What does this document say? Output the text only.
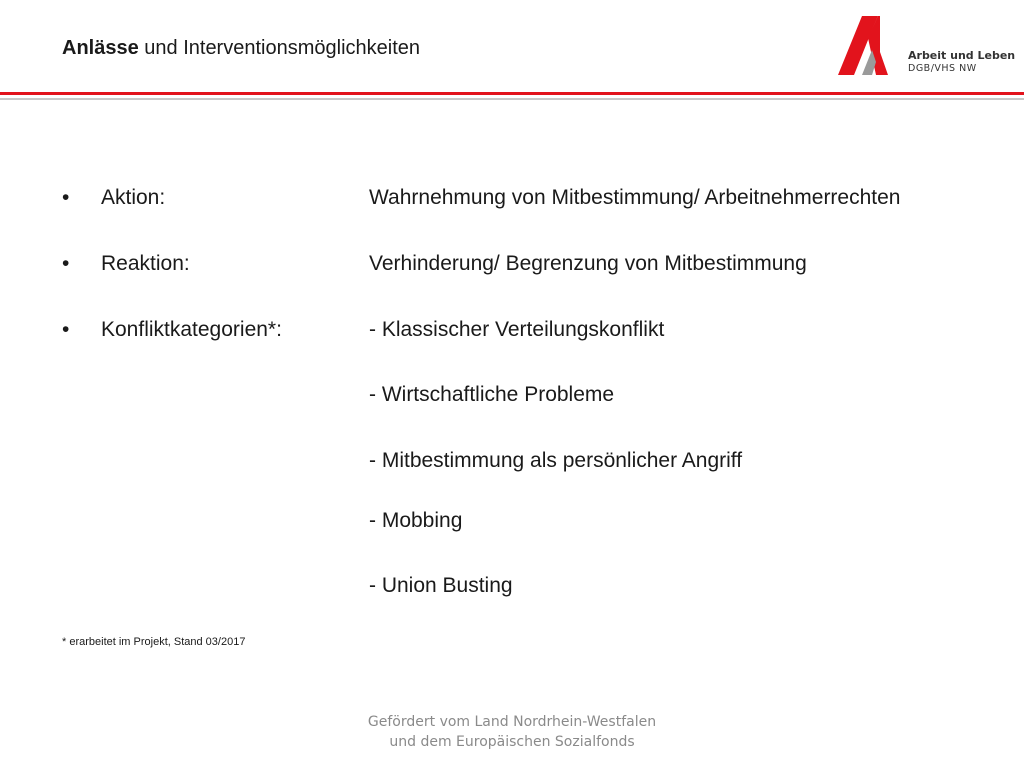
Anlässe und Interventionsmöglichkeiten	Arbeit und Leben
DGB/VHS NW
• Aktion:	Wahrnehmung von Mitbestimmung/ Arbeitnehmerrechten
• Reaktion:	Verhinderung/ Begrenzung von Mitbestimmung
• Konfliktkategorien*:	- Klassischer Verteilungskonflikt
- Wirtschaftliche Probleme
- Mitbestimmung als persönlicher Angriff
- Mobbing
- Union Busting
* erarbeitet im Projekt, Stand 03/2017
Gefördert vom Land Nordrhein-Westfalen
und dem Europäischen Sozialfonds
